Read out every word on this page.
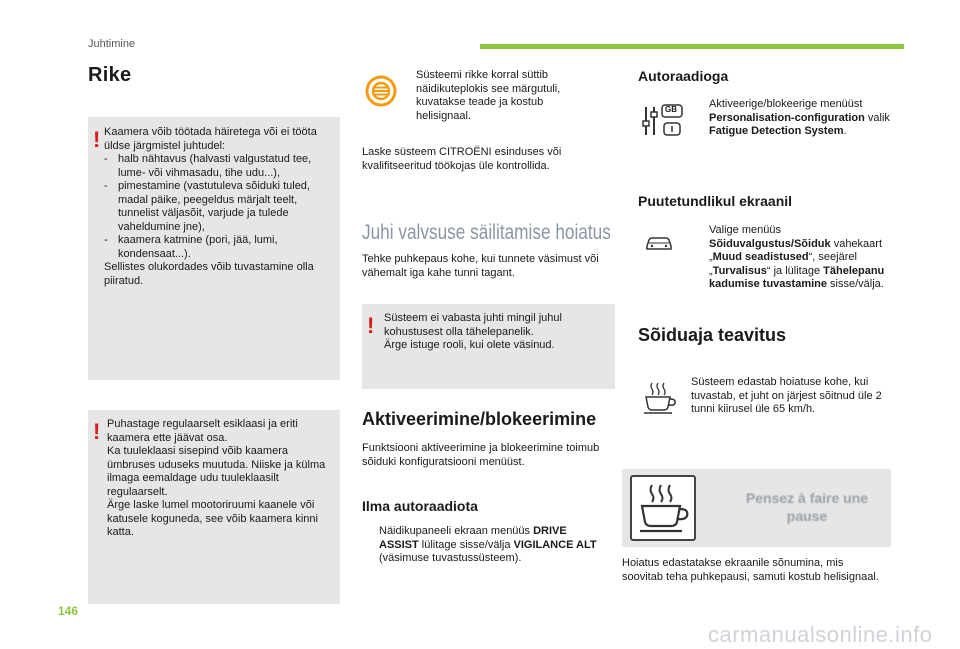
Juhtimine
Rike
! Kaamera võib töötada häiretega või ei tööta üldse järgmistel juhtudel:
- halb nähtavus (halvasti valgustatud tee, lume- või vihmasadu, tihe udu...),
- pimestamine (vastutuleva sõiduki tuled, madal päike, peegeldus märjalt teelt, tunnelist väljasõit, varjude ja tulede vaheldumine jne),
- kaamera katmine (pori, jää, lumi, kondensaat...).
Sellistes olukordades võib tuvastamine olla piiratud.
! Puhastage regulaarselt esiklaasi ja eriti kaamera ette jäävat osa.
Ka tuuleklaasi sisepind võib kaamera ümbruses uduseks muutuda. Niiske ja külma ilmaga eemaldage udu tuuleklaasilt regulaarselt.
Ärge laske lumel mootoriruumi kaanele või katusele koguneda, see võib kaamera kinni katta.
146
Süsteemi rikke korral süttib näidikuteplokis see märgutuli, kuvatakse teade ja kostub helisignaal.
Laske süsteem CITROËNI esinduses või kvalifitseeritud töökojas üle kontrollida.
Juhi valvsuse säilitamise hoiatus
Tehke puhkepaus kohe, kui tunnete väsimust või vähemalt iga kahe tunni tagant.
! Süsteem ei vabasta juhti mingil juhul kohustusest olla tähelepanelik.
Ärge istuge rooli, kui olete väsinud.
Aktiveerimine/blokeerimine
Funktsiooni aktiveerimine ja blokeerimine toimub sõiduki konfiguratsiooni menüüst.
Ilma autoraadiota
Näidikupaneeli ekraan menüüs DRIVE ASSIST lülitage sisse/välja VIGILANCE ALT (väsimuse tuvastussüsteem).
Autoraadioga
GB	Aktiveerige/blokeerige menüüst Personalisation-configuration valik Fatigue Detection System.
Puutetundlikul ekraanil
Valige menüüs Sõiduvalgustus/Sõiduk vahekaart „Muud seadistused“, seejärel „Turvalisus“ ja lülitage Tähelepanu kadumise tuvastamine sisse/välja.
Sõiduaja teavitus
Süsteem edastab hoiatuse kohe, kui tuvastab, et juht on järjest sõitnud üle 2 tunni kiirusel üle 65 km/h.
Pensez à faire une pause
Hoiatus edastatakse ekraanile sõnumina, mis soovitab teha puhkepausi, samuti kostub helisignaal.
carmanualsonline.info
